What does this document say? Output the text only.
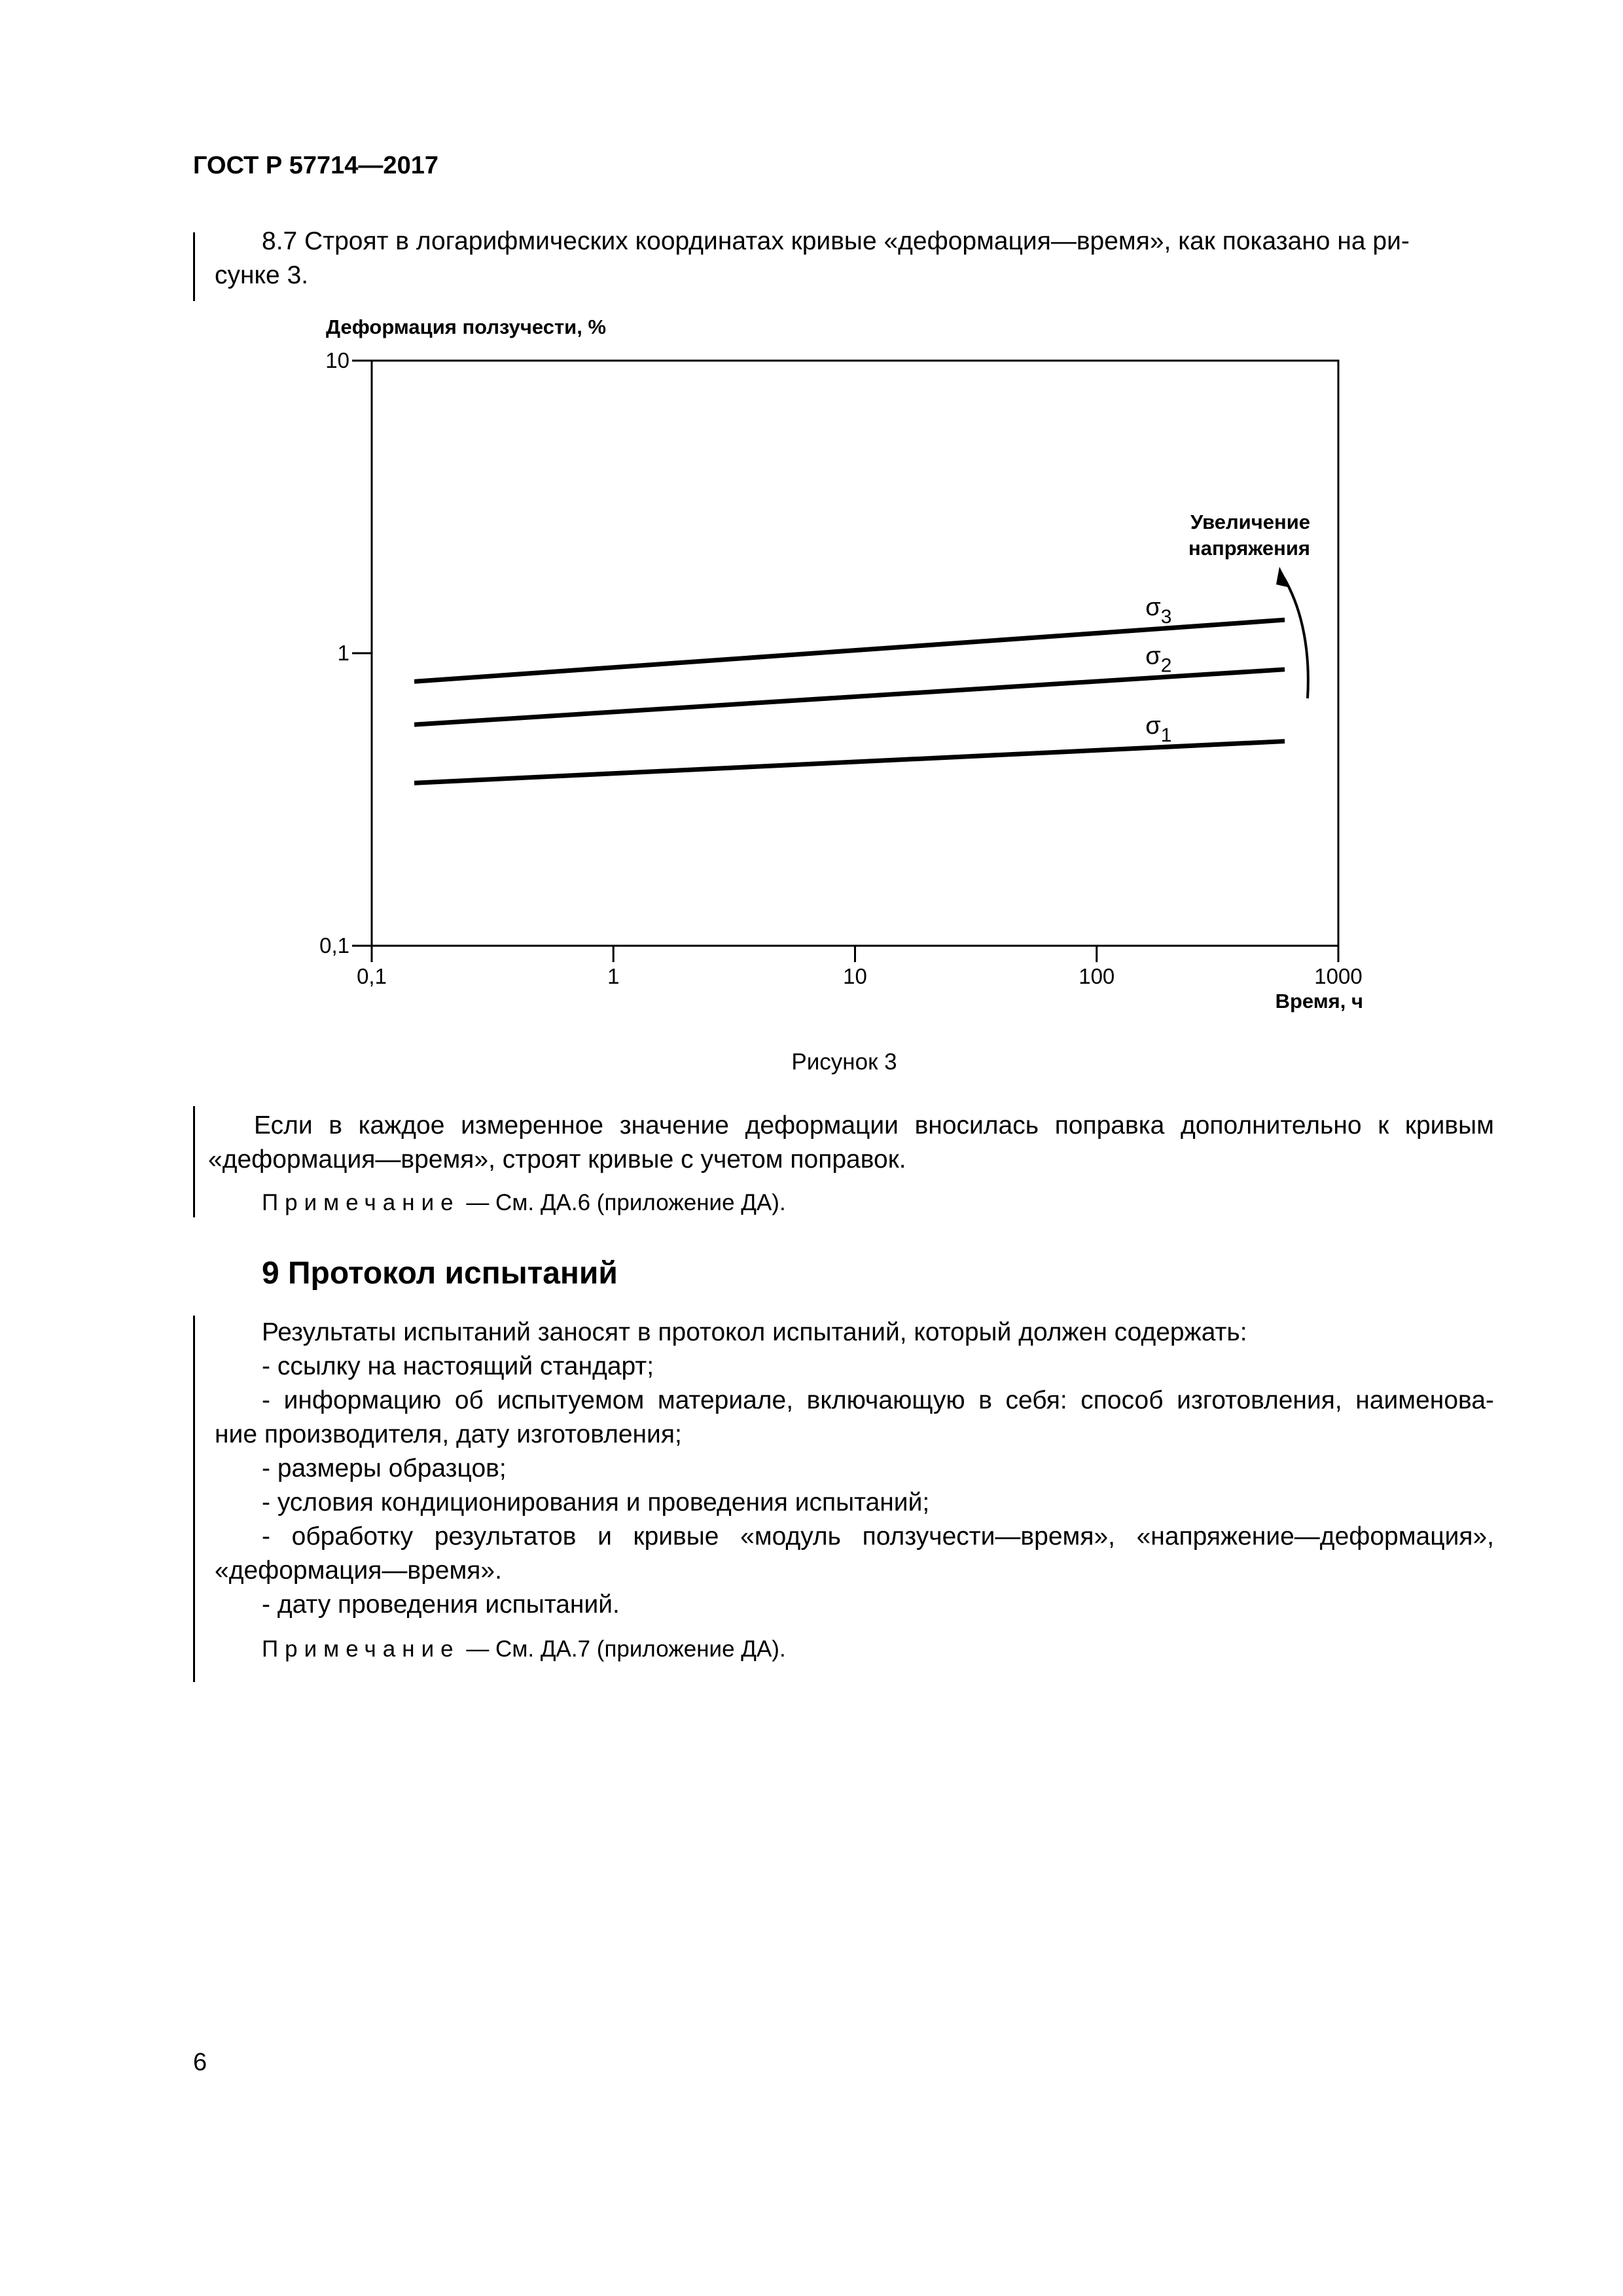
ГОСТ Р 57714—2017
8.7 Строят в логарифмических координатах кривые «деформация—время», как показано на ри-
сунке 3.
Деформация ползучести, %
10
1
0,1
0,1	1	10	100	1000
$\sigma_3$
$\sigma_2$
$\sigma_1$
Увеличение
напряжения
Время, ч
Рисунок 3
Если в каждое измеренное значение деформации вносилась поправка дополнительно к кривым
«деформация—время», строят кривые с учетом поправок.
Примечание — См. ДА.6 (приложение ДА).
9 Протокол испытаний
Результаты испытаний заносят в протокол испытаний, который должен содержать:
- ссылку на настоящий стандарт;
- информацию об испытуемом материале, включающую в себя: способ изготовления, наименова-
ние производителя, дату изготовления;
- размеры образцов;
- условия кондиционирования и проведения испытаний;
- обработку результатов и кривые «модуль ползучести—время», «напряжение—деформация»,
«деформация—время».
- дату проведения испытаний.
Примечание — См. ДА.7 (приложение ДА).
6
